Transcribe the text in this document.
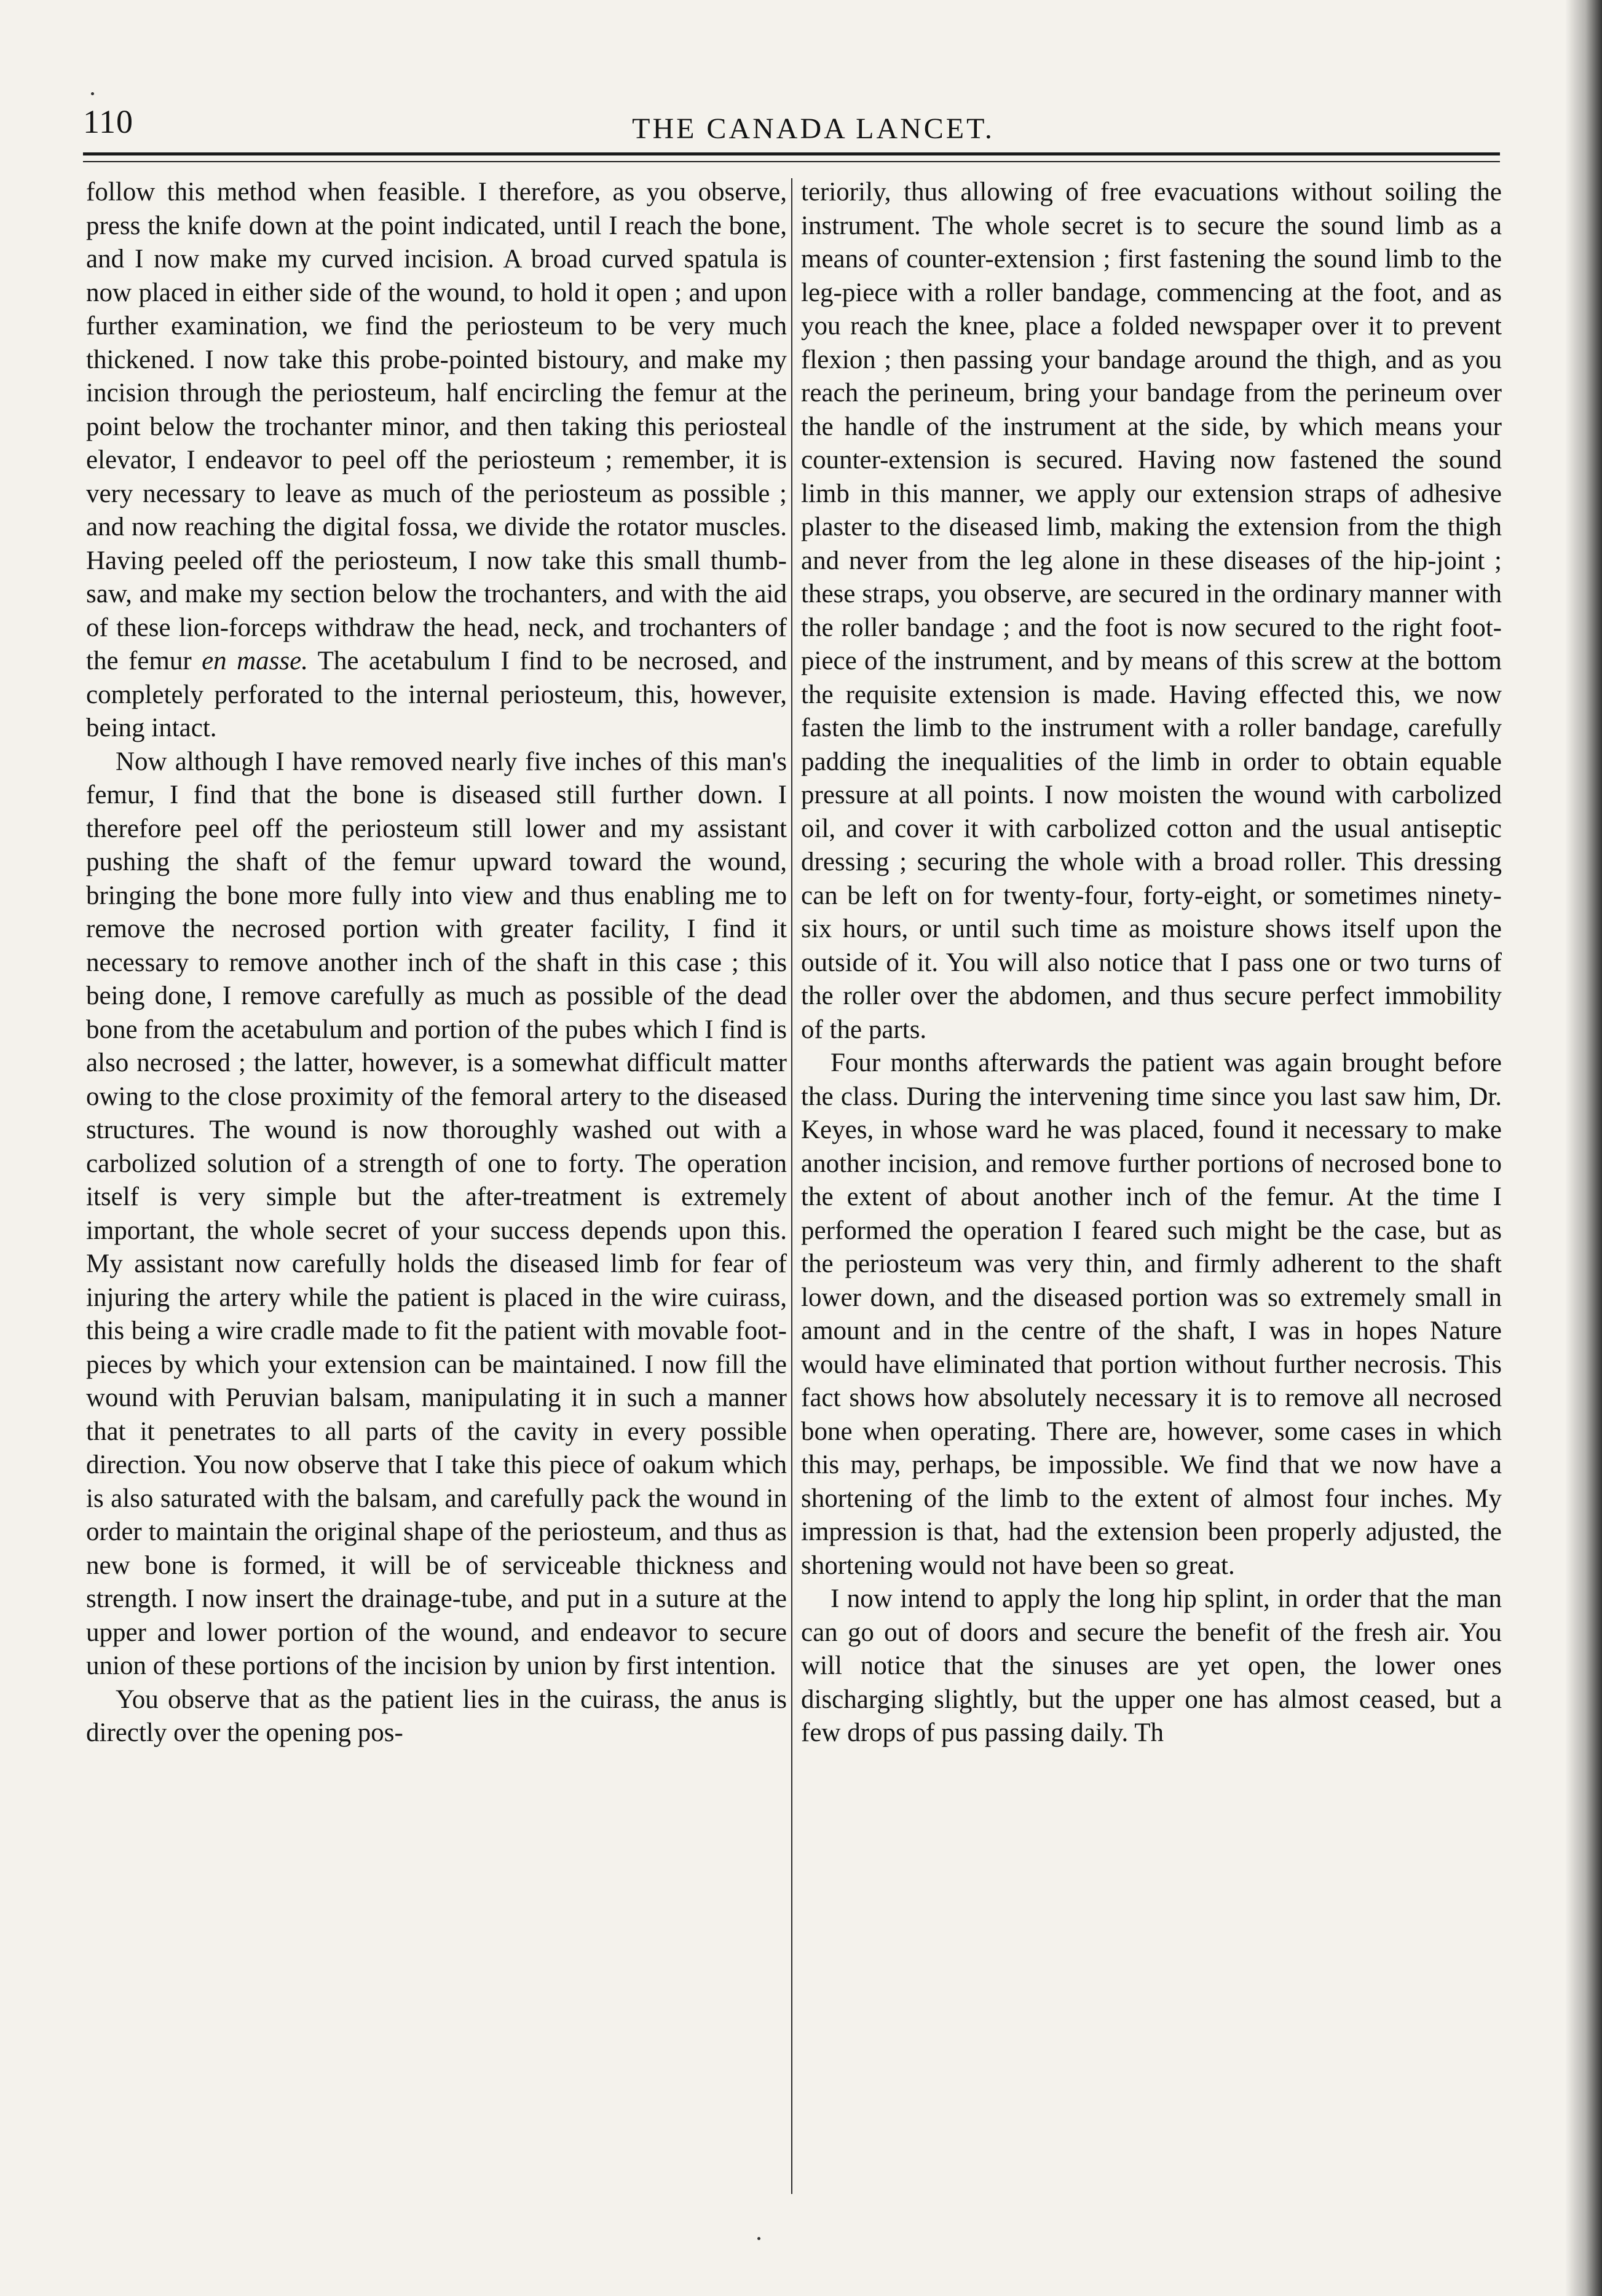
110	THE CANADA LANCET.

follow this method when feasible. I therefore, as you observe, press the knife down at the point indicated, until I reach the bone, and I now make my curved incision. A broad curved spatula is now placed in either side of the wound, to hold it open ; and upon further examination, we find the periosteum to be very much thickened. I now take this probe-pointed bistoury, and make my incision through the periosteum, half encircling the femur at the point below the trochanter minor, and then taking this periosteal elevator, I endeavor to peel off the periosteum ; remember, it is very necessary to leave as much of the periosteum as possible ; and now reaching the digital fossa, we divide the rotator muscles. Having peeled off the periosteum, I now take this small thumb-saw, and make my section below the trochanters, and with the aid of these lion-forceps withdraw the head, neck, and trochanters of the femur en masse. The acetabulum I find to be necrosed, and completely perforated to the internal periosteum, this, however, being intact.

Now although I have removed nearly five inches of this man's femur, I find that the bone is diseased still further down. I therefore peel off the periosteum still lower and my assistant pushing the shaft of the femur upward toward the wound, bringing the bone more fully into view and thus enabling me to remove the necrosed portion with greater facility, I find it necessary to remove another inch of the shaft in this case ; this being done, I remove carefully as much as possible of the dead bone from the acetabulum and portion of the pubes which I find is also necrosed ; the latter, however, is a somewhat difficult matter owing to the close proximity of the femoral artery to the diseased structures. The wound is now thoroughly washed out with a carbolized solution of a strength of one to forty. The operation itself is very simple but the after-treatment is extremely important, the whole secret of your success depends upon this. My assistant now carefully holds the diseased limb for fear of injuring the artery while the patient is placed in the wire cuirass, this being a wire cradle made to fit the patient with movable foot-pieces by which your extension can be maintained. I now fill the wound with Peruvian balsam, manipulating it in such a manner that it penetrates to all parts of the cavity in every possible direction. You now observe that I take this piece of oakum which is also saturated with the balsam, and carefully pack the wound in order to maintain the original shape of the periosteum, and thus as new bone is formed, it will be of serviceable thickness and strength. I now insert the drainage-tube, and put in a suture at the upper and lower portion of the wound, and endeavor to secure union of these portions of the incision by union by first intention.

You observe that as the patient lies in the cuirass, the anus is directly over the opening pos-

teriorily, thus allowing of free evacuations without soiling the instrument. The whole secret is to secure the sound limb as a means of counter-extension ; first fastening the sound limb to the leg-piece with a roller bandage, commencing at the foot, and as you reach the knee, place a folded newspaper over it to prevent flexion ; then passing your bandage around the thigh, and as you reach the perineum, bring your bandage from the perineum over the handle of the instrument at the side, by which means your counter-extension is secured. Having now fastened the sound limb in this manner, we apply our extension straps of adhesive plaster to the diseased limb, making the extension from the thigh and never from the leg alone in these diseases of the hip-joint ; these straps, you observe, are secured in the ordinary manner with the roller bandage ; and the foot is now secured to the right foot-piece of the instrument, and by means of this screw at the bottom the requisite extension is made. Having effected this, we now fasten the limb to the instrument with a roller bandage, carefully padding the inequalities of the limb in order to obtain equable pressure at all points. I now moisten the wound with carbolized oil, and cover it with carbolized cotton and the usual antiseptic dressing ; securing the whole with a broad roller. This dressing can be left on for twenty-four, forty-eight, or sometimes ninety-six hours, or until such time as moisture shows itself upon the outside of it. You will also notice that I pass one or two turns of the roller over the abdomen, and thus secure perfect immobility of the parts.

Four months afterwards the patient was again brought before the class. During the intervening time since you last saw him, Dr. Keyes, in whose ward he was placed, found it necessary to make another incision, and remove further portions of necrosed bone to the extent of about another inch of the femur. At the time I performed the operation I feared such might be the case, but as the periosteum was very thin, and firmly adherent to the shaft lower down, and the diseased portion was so extremely small in amount and in the centre of the shaft, I was in hopes Nature would have eliminated that portion without further necrosis. This fact shows how absolutely necessary it is to remove all necrosed bone when operating. There are, however, some cases in which this may, perhaps, be impossible. We find that we now have a shortening of the limb to the extent of almost four inches. My impression is that, had the extension been properly adjusted, the shortening would not have been so great.

I now intend to apply the long hip splint, in order that the man can go out of doors and secure the benefit of the fresh air. You will notice that the sinuses are yet open, the lower ones discharging slightly, but the upper one has almost ceased, but a few drops of pus passing daily. Th
